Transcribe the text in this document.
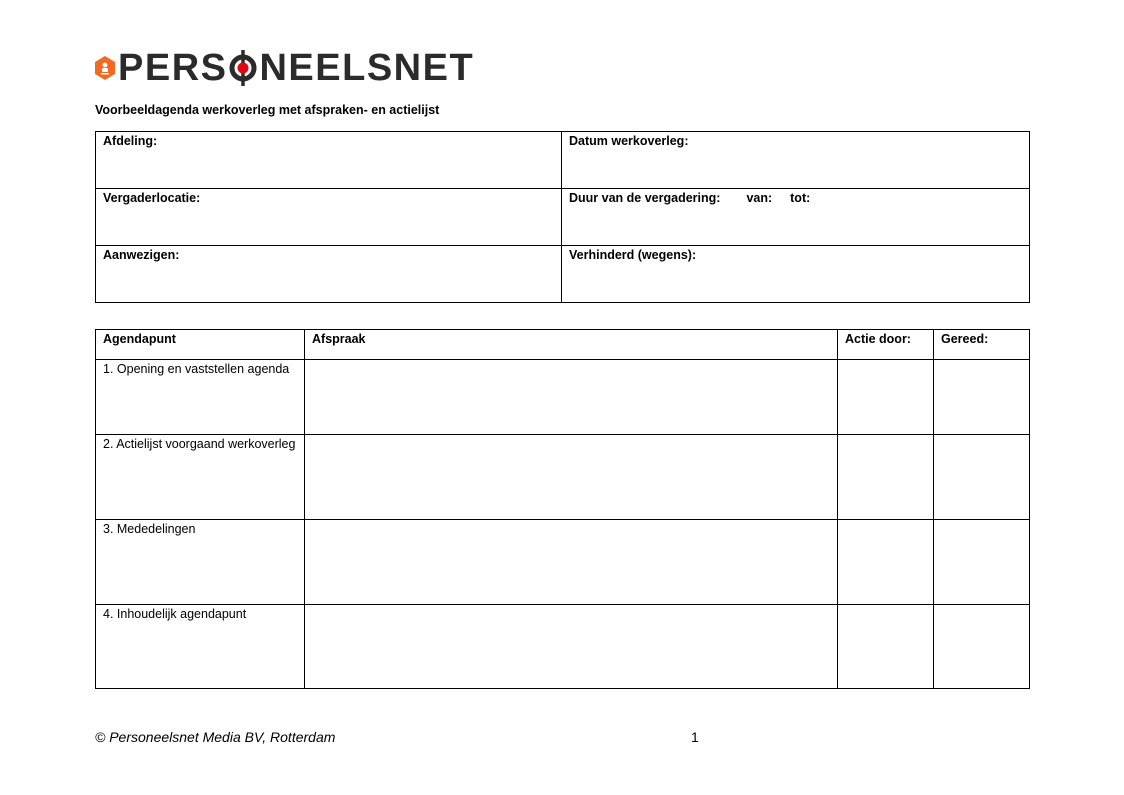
PERS NEELSNET
Voorbeeldagenda werkoverleg met afspraken- en actielijst
Afdeling:	Datum werkoverleg:
Vergaderlocatie:	Duur van de vergadering: van: tot:
Aanwezigen:	Verhinderd (wegens):
Agendapunt	Afspraak	Actie door:	Gereed:
1. Opening en vaststellen agenda			
2. Actielijst voorgaand werkoverleg			
3. Mededelingen			
4. Inhoudelijk agendapunt			
© Personeelsnet Media BV, Rotterdam	1
